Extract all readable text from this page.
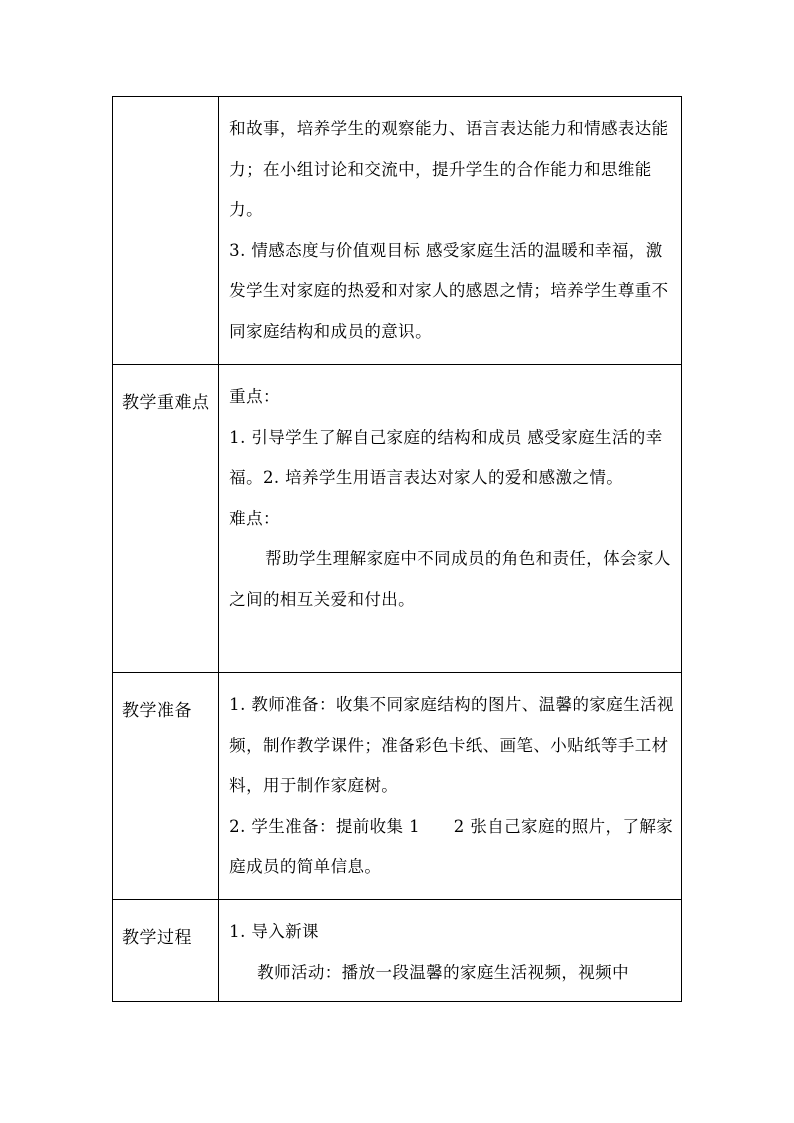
	和故事，培养学生的观察能力、语言表达能力和情感表达能力；在小组讨论和交流中，提升学生的合作能力和思维能力。

3. 情感态度与价值观目标 感受家庭生活的温暖和幸福，激发学生对家庭的热爱和对家人的感恩之情；培养学生尊重不同家庭结构和成员的意识。

教学重难点	重点：

1. 引导学生了解自己家庭的结构和成员 感受家庭生活的幸福。2. 培养学生用语言表达对家人的爱和感激之情。

难点：

帮助学生理解家庭中不同成员的角色和责任，体会家人之间的相互关爱和付出。

教学准备	1. 教师准备：收集不同家庭结构的图片、温馨的家庭生活视频，制作教学课件；准备彩色卡纸、画笔、小贴纸等手工材料，用于制作家庭树。

2. 学生准备：提前收集 1　　2 张自己家庭的照片，了解家庭成员的简单信息。

教学过程	1. 导入新课

教师活动：播放一段温馨的家庭生活视频，视频中
